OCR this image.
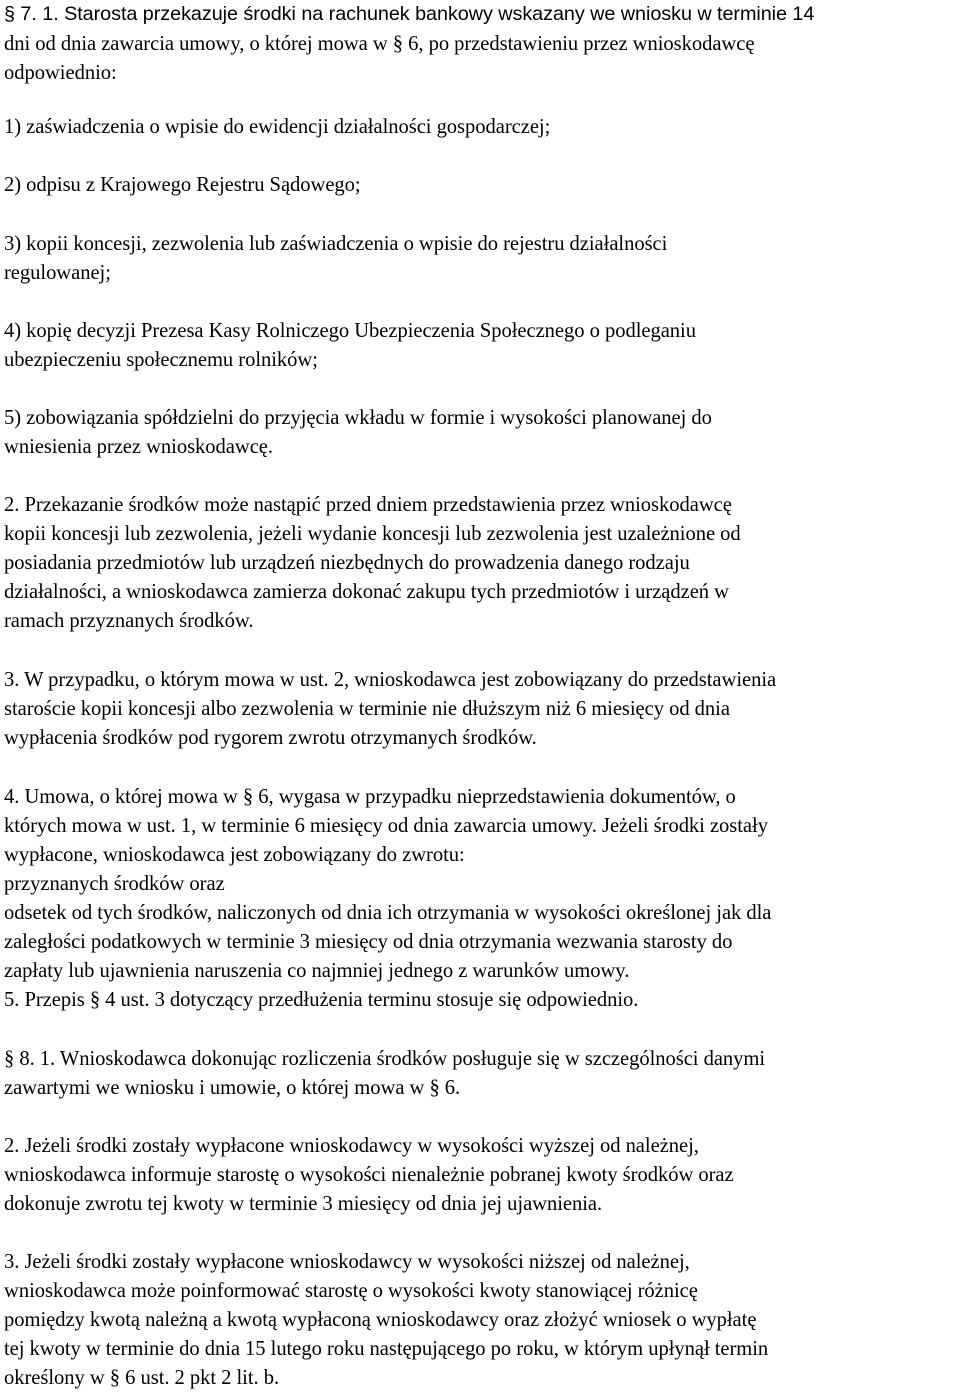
§ 7. 1. Starosta przekazuje środki na rachunek bankowy wskazany we wniosku w terminie 14

dni od dnia zawarcia umowy, o której mowa w § 6, po przedstawieniu przez wnioskodawcę

odpowiednio:

1) zaświadczenia o wpisie do ewidencji działalności gospodarczej;

2) odpisu z Krajowego Rejestru Sądowego;

3) kopii koncesji, zezwolenia lub zaświadczenia o wpisie do rejestru działalności

regulowanej;

4) kopię decyzji Prezesa Kasy Rolniczego Ubezpieczenia Społecznego o podleganiu

ubezpieczeniu społecznemu rolników;

5) zobowiązania spółdzielni do przyjęcia wkładu w formie i wysokości planowanej do

wniesienia przez wnioskodawcę.

2. Przekazanie środków może nastąpić przed dniem przedstawienia przez wnioskodawcę

kopii koncesji lub zezwolenia, jeżeli wydanie koncesji lub zezwolenia jest uzależnione od

posiadania przedmiotów lub urządzeń niezbędnych do prowadzenia danego rodzaju

działalności, a wnioskodawca zamierza dokonać zakupu tych przedmiotów i urządzeń w

ramach przyznanych środków.

3. W przypadku, o którym mowa w ust. 2, wnioskodawca jest zobowiązany do przedstawienia

staroście kopii koncesji albo zezwolenia w terminie nie dłuższym niż 6 miesięcy od dnia

wypłacenia środków pod rygorem zwrotu otrzymanych środków.

4. Umowa, o której mowa w § 6, wygasa w przypadku nieprzedstawienia dokumentów, o

których mowa w ust. 1, w terminie 6 miesięcy od dnia zawarcia umowy. Jeżeli środki zostały

wypłacone, wnioskodawca jest zobowiązany do zwrotu:

przyznanych środków oraz

odsetek od tych środków, naliczonych od dnia ich otrzymania w wysokości określonej jak dla

zaległości podatkowych w terminie 3 miesięcy od dnia otrzymania wezwania starosty do

zapłaty lub ujawnienia naruszenia co najmniej jednego z warunków umowy.

5. Przepis § 4 ust. 3 dotyczący przedłużenia terminu stosuje się odpowiednio.

§ 8. 1. Wnioskodawca dokonując rozliczenia środków posługuje się w szczególności danymi

zawartymi we wniosku i umowie, o której mowa w § 6.

2. Jeżeli środki zostały wypłacone wnioskodawcy w wysokości wyższej od należnej,

wnioskodawca informuje starostę o wysokości nienależnie pobranej kwoty środków oraz

dokonuje zwrotu tej kwoty w terminie 3 miesięcy od dnia jej ujawnienia.

3. Jeżeli środki zostały wypłacone wnioskodawcy w wysokości niższej od należnej,

wnioskodawca może poinformować starostę o wysokości kwoty stanowiącej różnicę

pomiędzy kwotą należną a kwotą wypłaconą wnioskodawcy oraz złożyć wniosek o wypłatę

tej kwoty w terminie do dnia 15 lutego roku następującego po roku, w którym upłynął termin

określony w § 6 ust. 2 pkt 2 lit. b.
